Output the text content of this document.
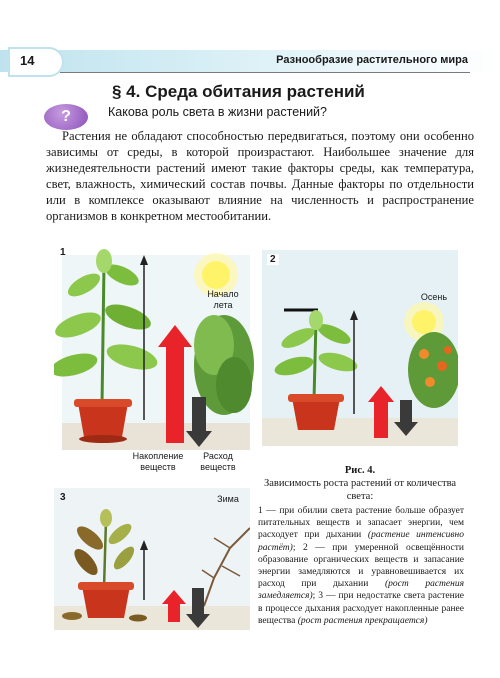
14	Разнообразие растительного мира
§ 4. Среда обитания растений
?	Какова роль света в жизни растений?
Растения не обладают способностью передвигаться, поэтому они особенно зависимы от среды, в которой произрастают. Наибольшее значение для жизнедеятельности растений имеют такие факторы среды, как температура, свет, влажность, химический состав почвы. Данные факторы по отдельности или в комплексе оказывают влияние на численность и распространение организмов в конкретном местообитании.
1
Начало
лета
Накопление
веществ
Расход
веществ
2
Осень
3	Зима
Рис. 4.
Зависимость роста растений от количества света:
1 — при обилии света растение больше образует питательных веществ и запасает энергии, чем расходует при дыхании (растение интенсивно растёт); 2 — при умеренной освещённости образование органических веществ и запасание энергии замедляются и уравновешивается их расход при дыхании (рост растения замедляется); 3 — при недостатке света растение в процессе дыхания расходует накопленные ранее вещества (рост растения прекращается)
